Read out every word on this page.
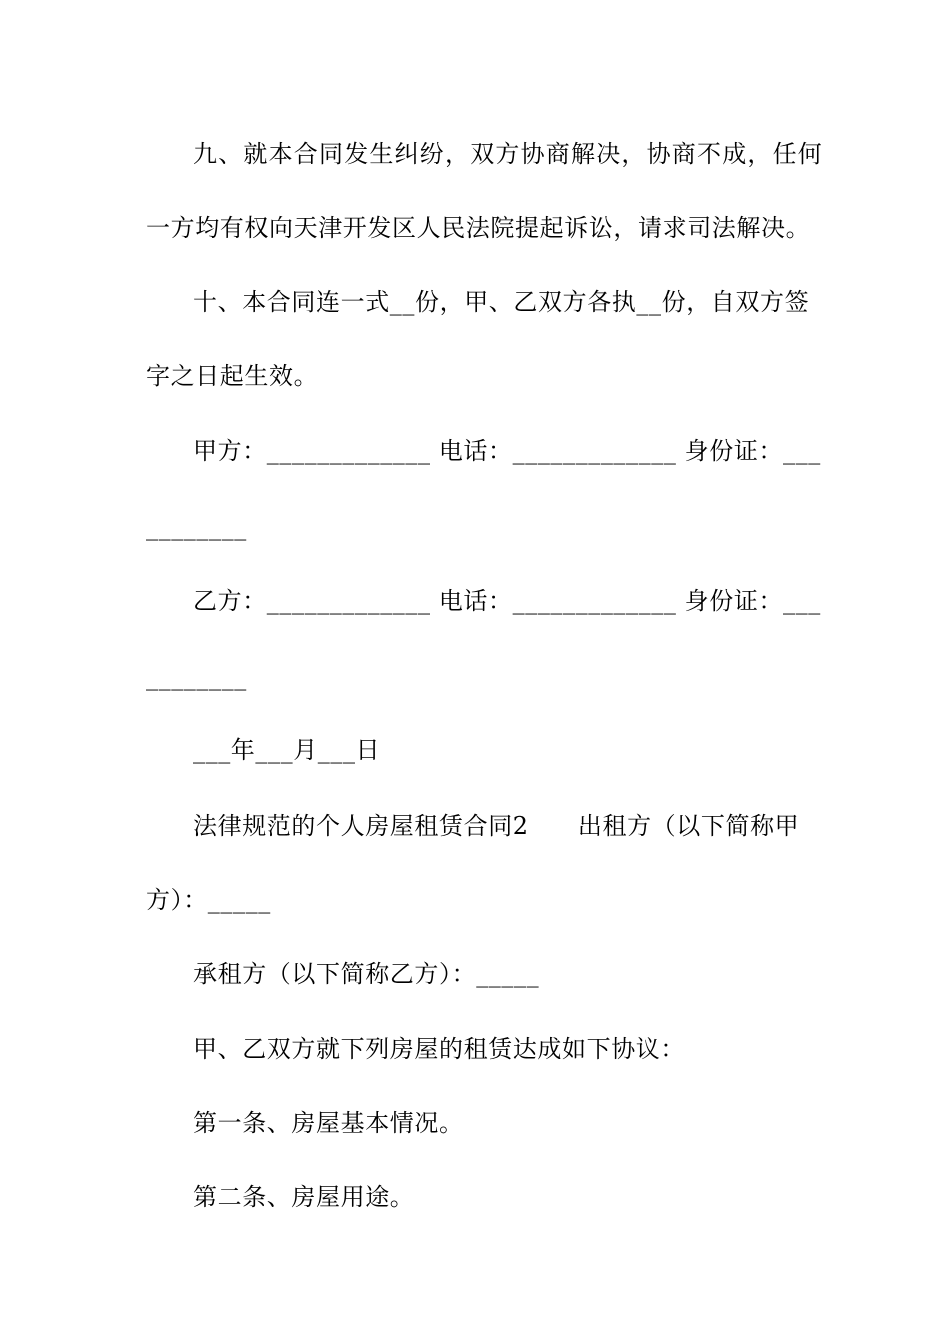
九、就本合同发生纠纷，双方协商解决，协商不成，任何
一方均有权向天津开发区人民法院提起诉讼，请求司法解决。
十、本合同连一式__份，甲、乙双方各执__份，自双方签
字之日起生效。
甲方：_____________ 电话：_____________ 身份证：___
________
乙方：_____________ 电话：_____________ 身份证：___
________
___年___月___日
法律规范的个人房屋租赁合同2　　出租方（以下简称甲
方）：_____
承租方（以下简称乙方）：_____
甲、乙双方就下列房屋的租赁达成如下协议：
第一条、房屋基本情况。
第二条、房屋用途。
